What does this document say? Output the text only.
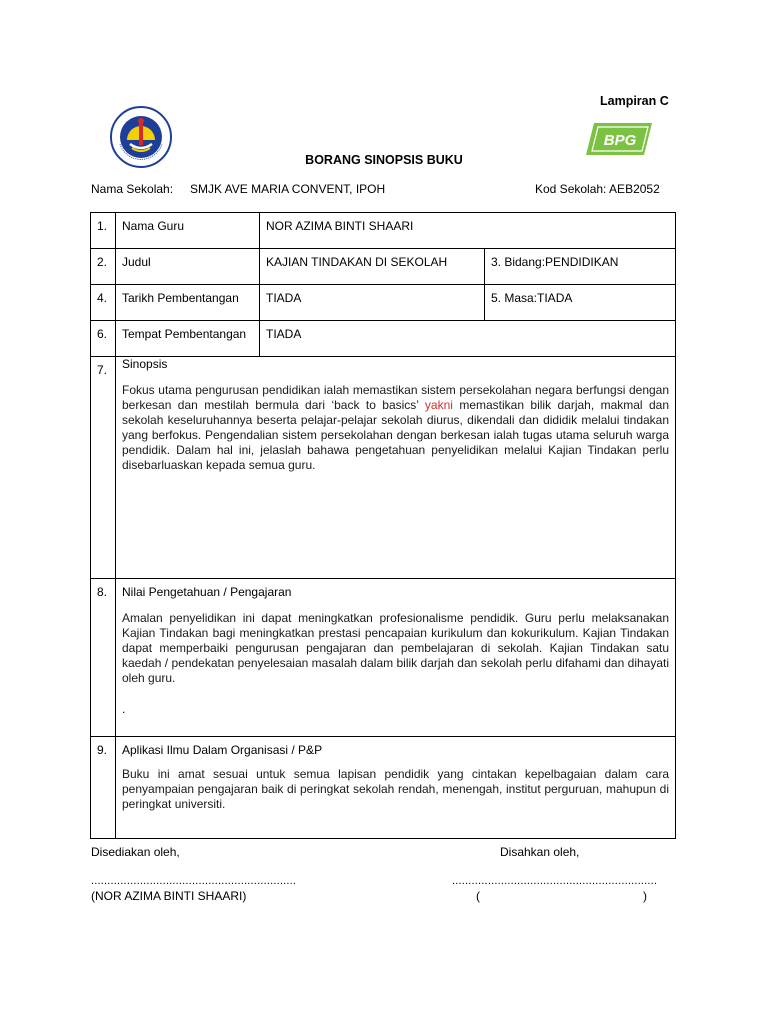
Lampiran C
BPG
BORANG SINOPSIS BUKU
Nama Sekolah: SMJK AVE MARIA CONVENT, IPOH	Kod Sekolah: AEB2052
1.	Nama Guru	NOR AZIMA BINTI SHAARI	
2.	Judul	KAJIAN TINDAKAN DI SEKOLAH	3. Bidang:PENDIDIKAN
4.	Tarikh Pembentangan	TIADA	5. Masa:TIADA
6.	Tempat Pembentangan	TIADA	
7.	Sinopsis
Fokus utama pengurusan pendidikan ialah memastikan sistem persekolahan negara berfungsi dengan berkesan dan mestilah bermula dari ‘back to basics’ yakni memastikan bilik darjah, makmal dan sekolah keseluruhannya beserta pelajar-pelajar sekolah diurus, dikendali dan dididik melalui tindakan yang berfokus. Pengendalian sistem persekolahan dengan berkesan ialah tugas utama seluruh warga pendidik. Dalam hal ini, jelaslah bahawa pengetahuan penyelidikan melalui Kajian Tindakan perlu disebarluaskan kepada semua guru.		

8.	Nilai Pengetahuan / Pengajaran
Amalan penyelidikan ini dapat meningkatkan profesionalisme pendidik. Guru perlu melaksanakan Kajian Tindakan bagi meningkatkan prestasi pencapaian kurikulum dan kokurikulum. Kajian Tindakan dapat memperbaiki pengurusan pengajaran dan pembelajaran di sekolah. Kajian Tindakan satu kaedah / pendekatan penyelesaian masalah dalam bilik darjah dan sekolah perlu difahami dan dihayati oleh guru.
.		

9.	Aplikasi Ilmu Dalam Organisasi / P&P
Buku ini amat sesuai untuk semua lapisan pendidik yang cintakan kepelbagaian dalam cara penyampaian pengajaran baik di peringkat sekolah rendah, menengah, institut perguruan, mahupun di peringkat universiti.		
Disediakan oleh,	Disahkan oleh,
...............................................................	...............................................................
(NOR AZIMA BINTI SHAARI)	(	)
